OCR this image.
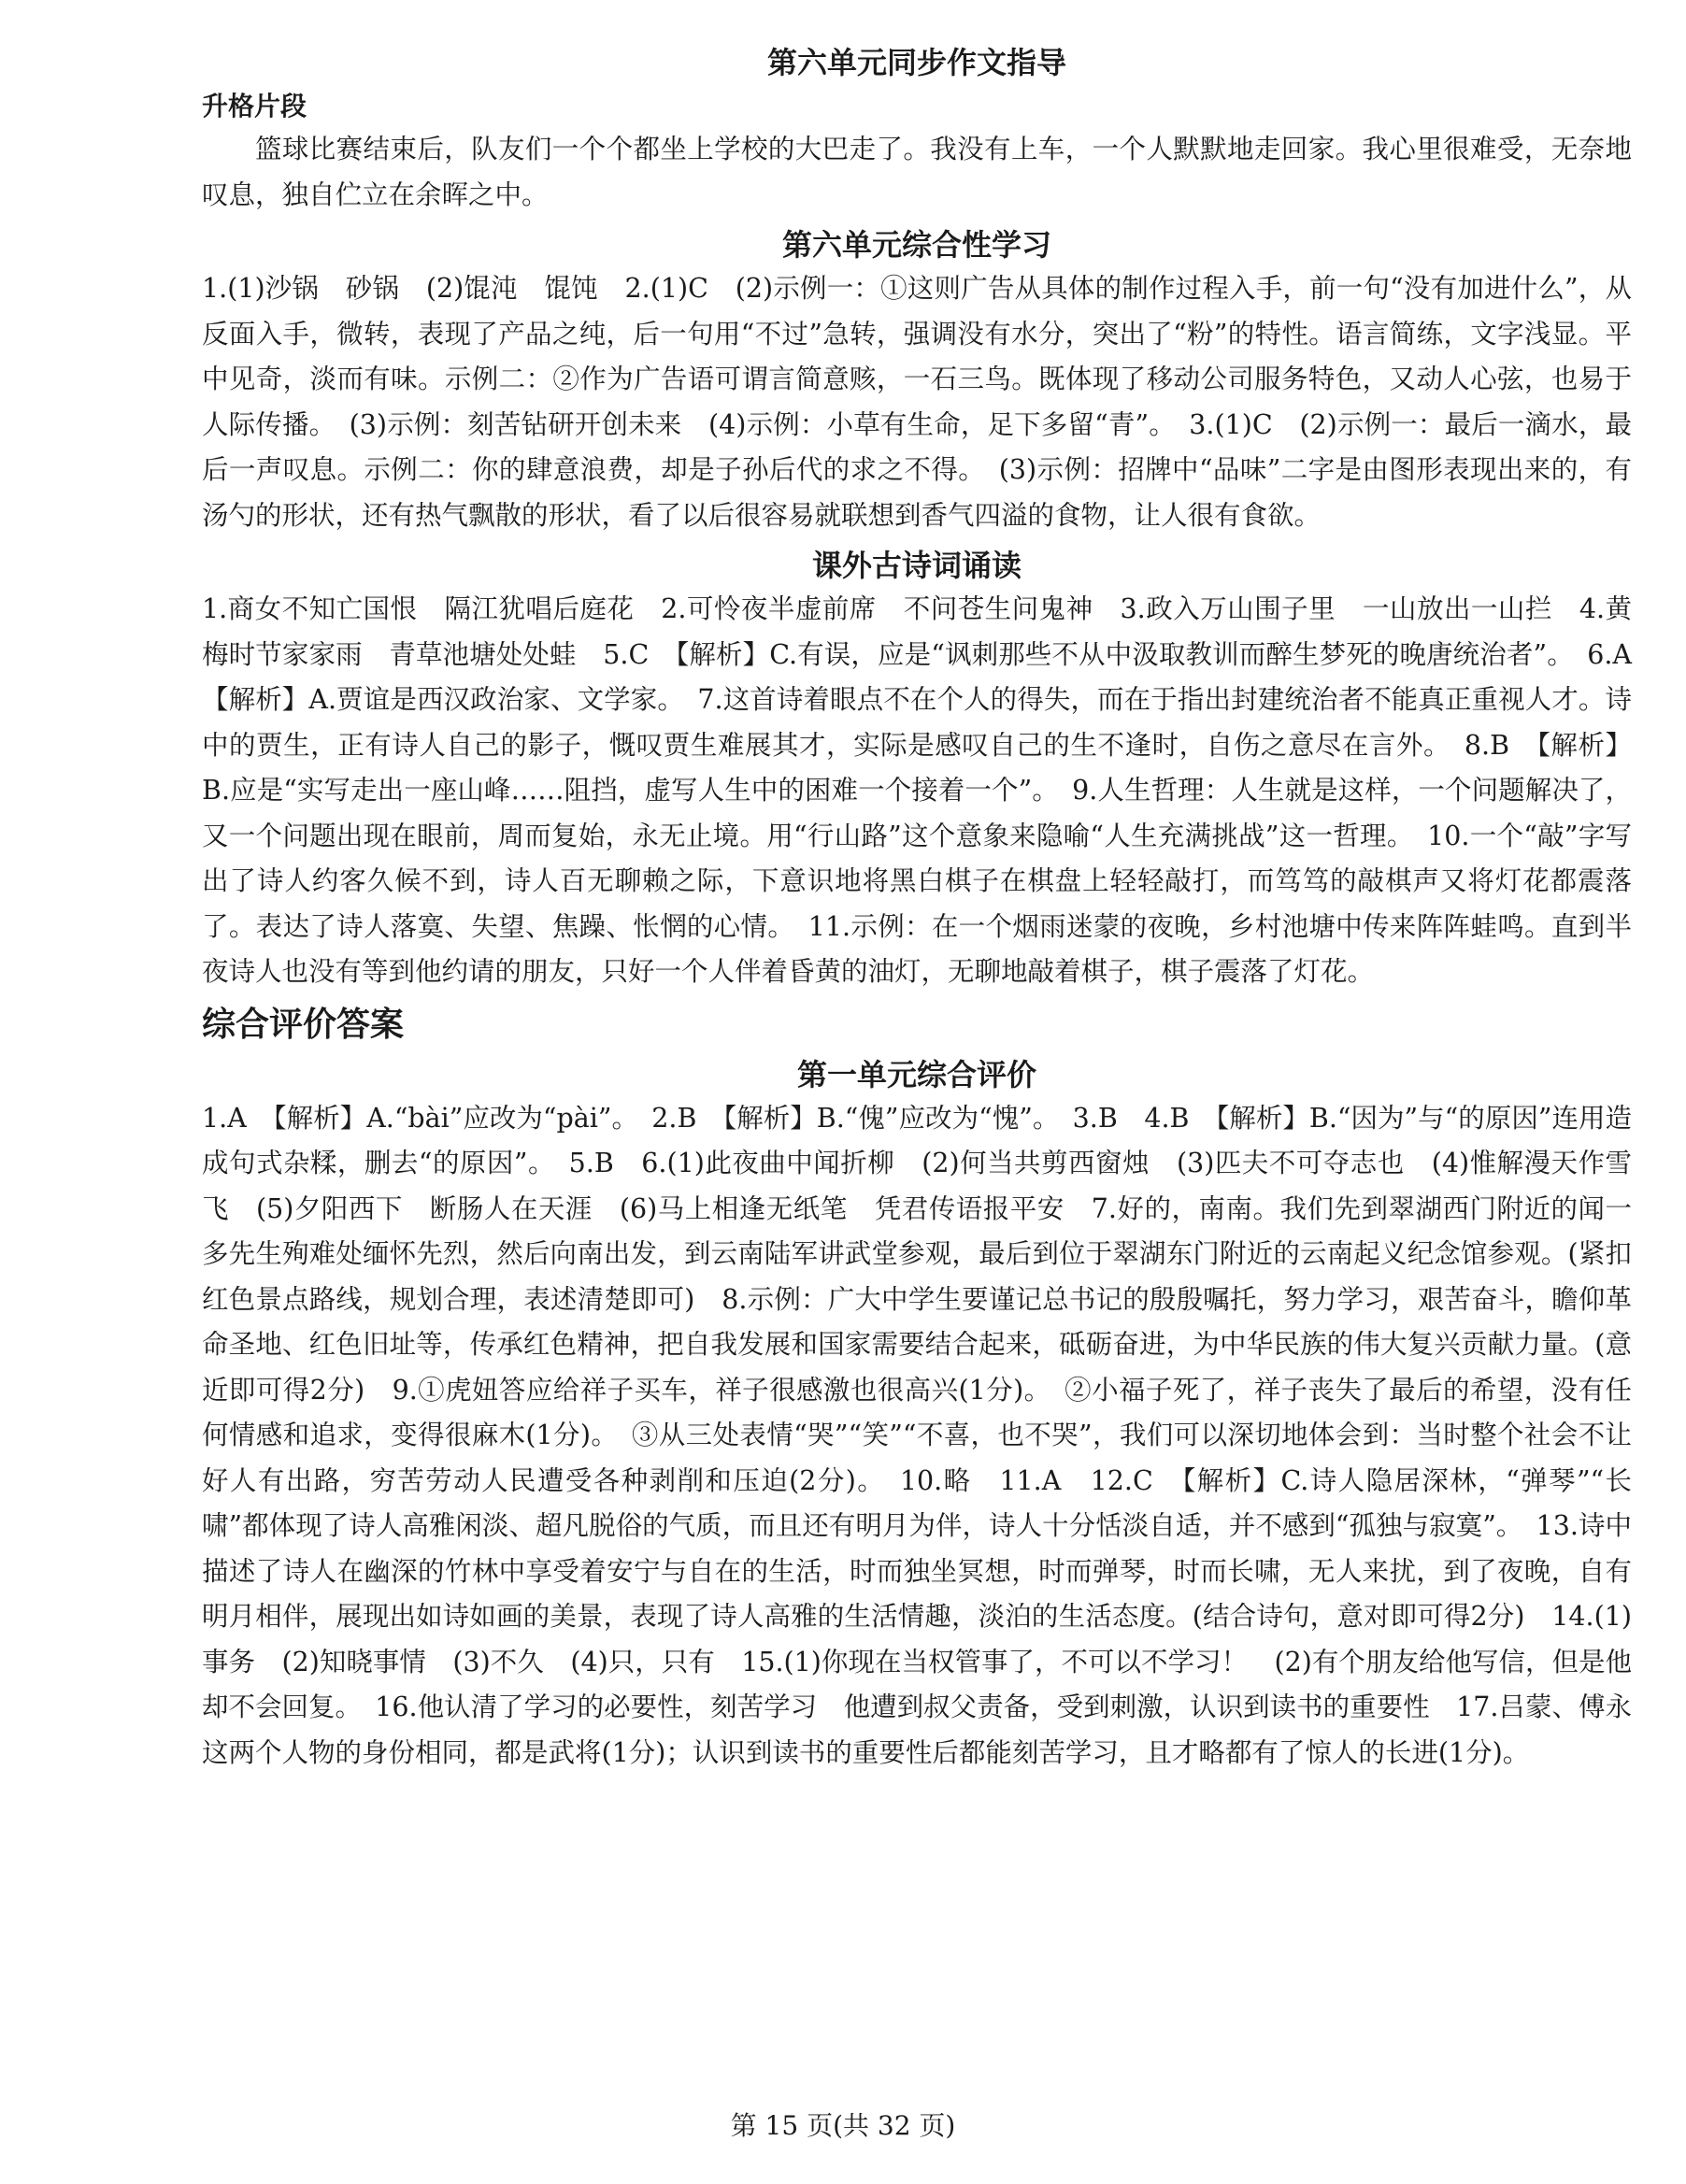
第六单元同步作文指导
升格片段

篮球比赛结束后，队友们一个个都坐上学校的大巴走了。我没有上车，一个人默默地走回家。我心里很难受，无奈地叹息，独自伫立在余晖之中。

第六单元综合性学习

1.(1)沙锅　砂锅　(2)馄沌　馄饨　2.(1)C　(2)示例一：①这则广告从具体的制作过程入手，前一句“没有加进什么”，从反面入手，微转，表现了产品之纯，后一句用“不过”急转，强调没有水分，突出了“粉”的特性。语言简练，文字浅显。平中见奇，淡而有味。示例二：②作为广告语可谓言简意赅，一石三鸟。既体现了移动公司服务特色，又动人心弦，也易于人际传播。　(3)示例：刻苦钻研开创未来　(4)示例：小草有生命，足下多留“青”。　3.(1)C　(2)示例一：最后一滴水，最后一声叹息。示例二：你的肆意浪费，却是子孙后代的求之不得。　(3)示例：招牌中“品味”二字是由图形表现出来的，有汤勺的形状，还有热气飘散的形状，看了以后很容易就联想到香气四溢的食物，让人很有食欲。

课外古诗词诵读

1.商女不知亡国恨　隔江犹唱后庭花　2.可怜夜半虚前席　不问苍生问鬼神　3.政入万山围子里　一山放出一山拦　4.黄梅时节家家雨　青草池塘处处蛙　5.C　【解析】C.有误，应是“讽刺那些不从中汲取教训而醉生梦死的晚唐统治者”。　6.A　【解析】A.贾谊是西汉政治家、文学家。　7.这首诗着眼点不在个人的得失，而在于指出封建统治者不能真正重视人才。诗中的贾生，正有诗人自己的影子，慨叹贾生难展其才，实际是感叹自己的生不逢时，自伤之意尽在言外。　8.B　【解析】B.应是“实写走出一座山峰……阻挡，虚写人生中的困难一个接着一个”。　9.人生哲理：人生就是这样，一个问题解决了，又一个问题出现在眼前，周而复始，永无止境。用“行山路”这个意象来隐喻“人生充满挑战”这一哲理。　10.一个“敲”字写出了诗人约客久候不到，诗人百无聊赖之际，下意识地将黑白棋子在棋盘上轻轻敲打，而笃笃的敲棋声又将灯花都震落了。表达了诗人落寞、失望、焦躁、怅惘的心情。　11.示例：在一个烟雨迷蒙的夜晚，乡村池塘中传来阵阵蛙鸣。直到半夜诗人也没有等到他约请的朋友，只好一个人伴着昏黄的油灯，无聊地敲着棋子，棋子震落了灯花。

综合评价答案
第一单元综合评价

1.A　【解析】A.“bài”应改为“pài”。　2.B　【解析】B.“傀”应改为“愧”。　3.B　4.B　【解析】B.“因为”与“的原因”连用造成句式杂糅，删去“的原因”。　5.B　6.(1)此夜曲中闻折柳　(2)何当共剪西窗烛　(3)匹夫不可夺志也　(4)惟解漫天作雪飞　(5)夕阳西下　断肠人在天涯　(6)马上相逢无纸笔　凭君传语报平安　7.好的，南南。我们先到翠湖西门附近的闻一多先生殉难处缅怀先烈，然后向南出发，到云南陆军讲武堂参观，最后到位于翠湖东门附近的云南起义纪念馆参观。(紧扣红色景点路线，规划合理，表述清楚即可)　8.示例：广大中学生要谨记总书记的殷殷嘱托，努力学习，艰苦奋斗，瞻仰革命圣地、红色旧址等，传承红色精神，把自我发展和国家需要结合起来，砥砺奋进，为中华民族的伟大复兴贡献力量。(意近即可得2分)　9.①虎妞答应给祥子买车，祥子很感激也很高兴(1分)。　②小福子死了，祥子丧失了最后的希望，没有任何情感和追求，变得很麻木(1分)。　③从三处表情“哭”“笑”“不喜，也不哭”，我们可以深切地体会到：当时整个社会不让好人有出路，穷苦劳动人民遭受各种剥削和压迫(2分)。　10.略　11.A　12.C　【解析】C.诗人隐居深林，“弹琴”“长啸”都体现了诗人高雅闲淡、超凡脱俗的气质，而且还有明月为伴，诗人十分恬淡自适，并不感到“孤独与寂寞”。　13.诗中描述了诗人在幽深的竹林中享受着安宁与自在的生活，时而独坐冥想，时而弹琴，时而长啸，无人来扰，到了夜晚，自有明月相伴，展现出如诗如画的美景，表现了诗人高雅的生活情趣，淡泊的生活态度。(结合诗句，意对即可得2分)　14.(1)事务　(2)知晓事情　(3)不久　(4)只，只有　15.(1)你现在当权管事了，不可以不学习！　(2)有个朋友给他写信，但是他却不会回复。　16.他认清了学习的必要性，刻苦学习　他遭到叔父责备，受到刺激，认识到读书的重要性　17.吕蒙、傅永这两个人物的身份相同，都是武将(1分)；认识到读书的重要性后都能刻苦学习，且才略都有了惊人的长进(1分)。

第 15 页(共 32 页)
